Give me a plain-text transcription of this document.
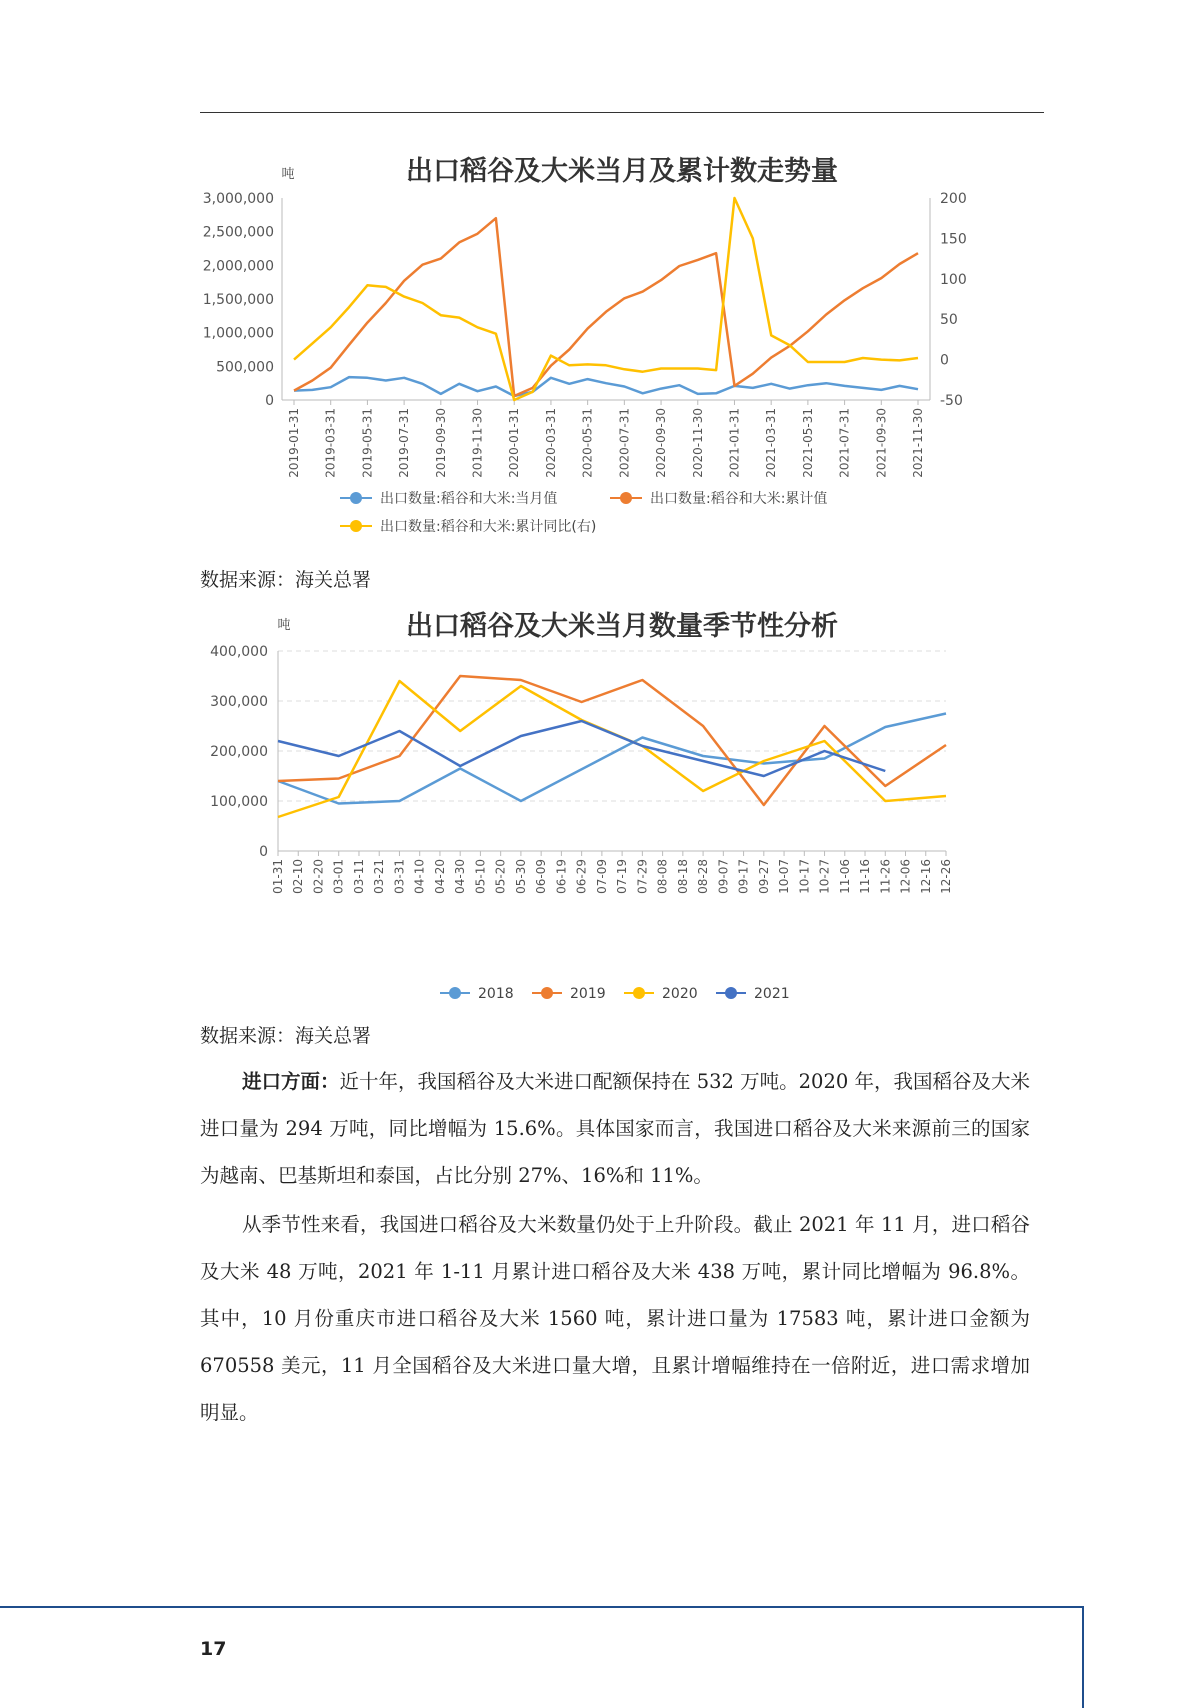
出口稻谷及大米当月及累计数走势量
吨
3,000,000
2,500,000
2,000,000
1,500,000
1,000,000
500,000
0
200
150
100
50
0
-50
2019-01-31 2019-03-31 2019-05-31 2019-07-31 2019-09-30 2019-11-30 2020-01-31 2020-03-31 2020-05-31 2020-07-31 2020-09-30 2020-11-30 2021-01-31 2021-03-31 2021-05-31 2021-07-31 2021-09-30 2021-11-30
出口数量:稻谷和大米:当月值	出口数量:稻谷和大米:累计值
出口数量:稻谷和大米:累计同比(右)
数据来源：海关总署
出口稻谷及大米当月数量季节性分析
吨
400,000
300,000
200,000
100,000
0
01-31 02-10 02-20 03-01 03-11 03-21 03-31 04-10 04-20 04-30 05-10 05-20 05-30 06-09 06-19 06-29 07-09 07-19 07-29 08-08 08-18 08-28 09-07 09-17 09-27 10-07 10-17 10-27 11-06 11-16 11-26 12-06 12-16 12-26
2018	2019	2020	2021
数据来源：海关总署

进口方面：近十年，我国稻谷及大米进口配额保持在 532 万吨。2020 年，我国稻谷及大米进口量为 294 万吨，同比增幅为 15.6%。具体国家而言，我国进口稻谷及大米来源前三的国家为越南、巴基斯坦和泰国，占比分别 27%、16%和 11%。

从季节性来看，我国进口稻谷及大米数量仍处于上升阶段。截止 2021 年 11 月，进口稻谷及大米 48 万吨，2021 年 1-11 月累计进口稻谷及大米 438 万吨，累计同比增幅为 96.8%。其中，10 月份重庆市进口稻谷及大米 1560 吨，累计进口量为 17583 吨，累计进口金额为 670558 美元，11 月全国稻谷及大米进口量大增，且累计增幅维持在一倍附近，进口需求增加明显。

17
